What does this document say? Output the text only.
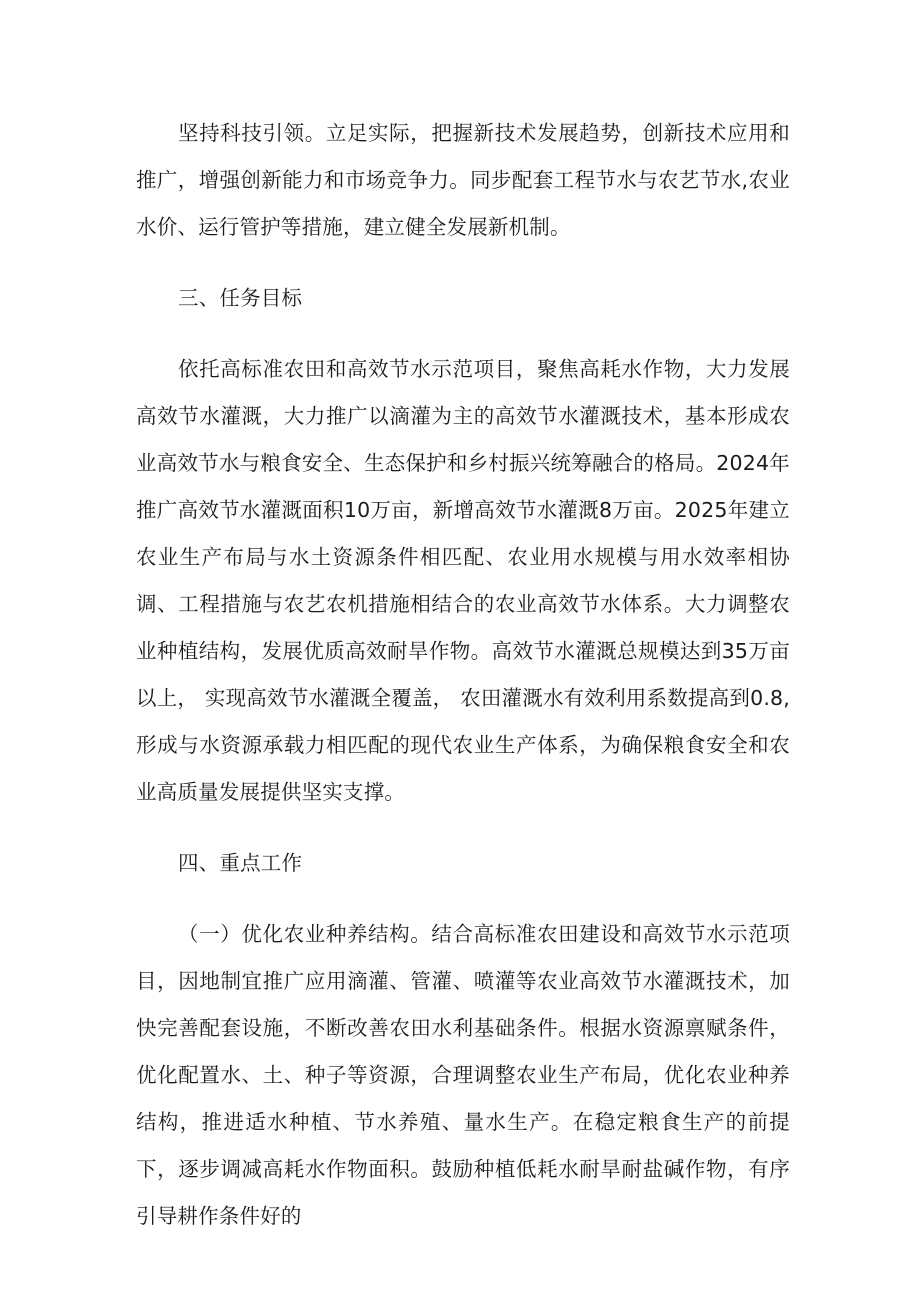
坚持科技引领。立足实际，把握新技术发展趋势，创新技术应用和推广，增强创新能力和市场竞争力。同步配套工程节水与农艺节水,农业水价、运行管护等措施，建立健全发展新机制。

三、任务目标

依托高标准农田和高效节水示范项目，聚焦高耗水作物，大力发展高效节水灌溉，大力推广以滴灌为主的高效节水灌溉技术，基本形成农业高效节水与粮食安全、生态保护和乡村振兴统筹融合的格局。2024年推广高效节水灌溉面积10万亩，新增高效节水灌溉8万亩。2025年建立农业生产布局与水土资源条件相匹配、农业用水规模与用水效率相协调、工程措施与农艺农机措施相结合的农业高效节水体系。大力调整农业种植结构，发展优质高效耐旱作物。高效节水灌溉总规模达到35万亩以上， 实现高效节水灌溉全覆盖， 农田灌溉水有效利用系数提高到0.8,形成与水资源承载力相匹配的现代农业生产体系，为确保粮食安全和农业高质量发展提供坚实支撑。

四、重点工作

（一）优化农业种养结构。结合高标准农田建设和高效节水示范项目，因地制宜推广应用滴灌、管灌、喷灌等农业高效节水灌溉技术，加快完善配套设施，不断改善农田水利基础条件。根据水资源禀赋条件，优化配置水、土、种子等资源，合理调整农业生产布局，优化农业种养结构，推进适水种植、节水养殖、量水生产。在稳定粮食生产的前提下，逐步调减高耗水作物面积。鼓励种植低耗水耐旱耐盐碱作物，有序引导耕作条件好的
